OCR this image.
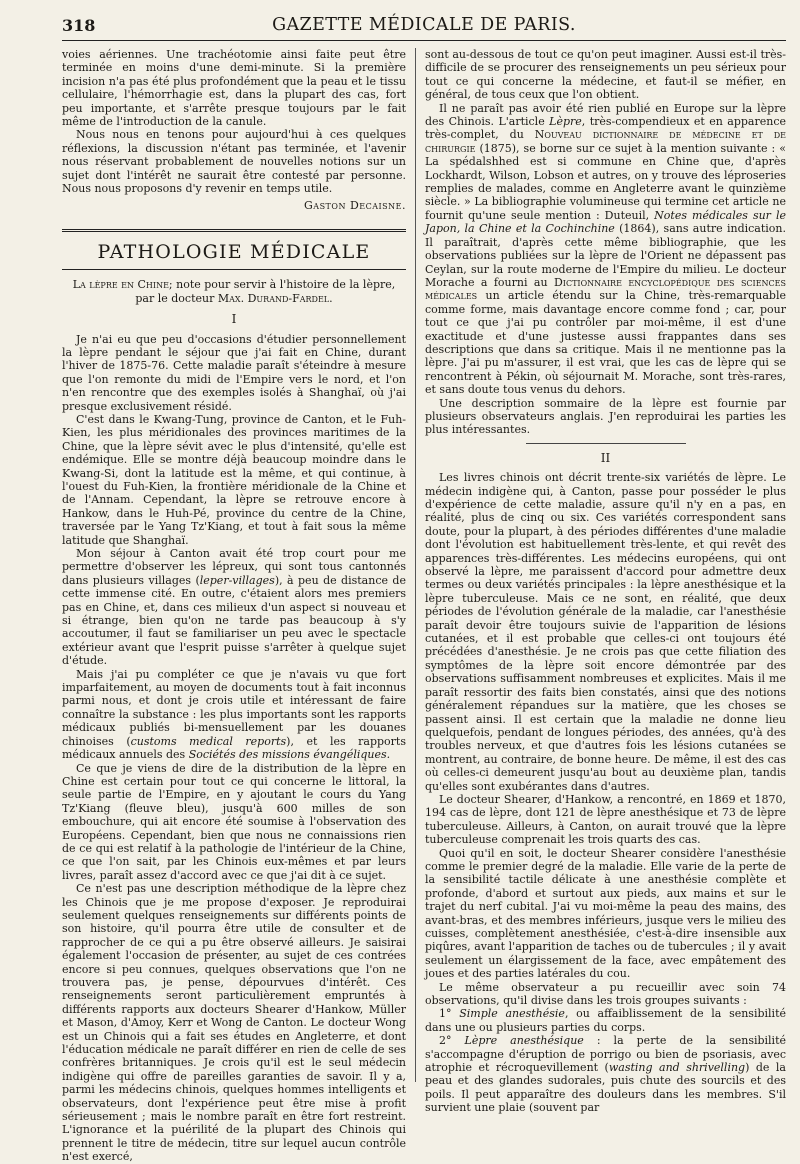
318	GAZETTE MÉDICALE DE PARIS.

voies aériennes. Une trachéotomie ainsi faite peut être terminée en moins d'une demi-minute. Si la première incision n'a pas été plus profondément que la peau et le tissu cellulaire, l'hémorrhagie est, dans la plupart des cas, fort peu importante, et s'arrête presque toujours par le fait même de l'introduction de la canule.

Nous nous en tenons pour aujourd'hui à ces quelques réflexions, la discussion n'étant pas terminée, et l'avenir nous réservant probablement de nouvelles notions sur un sujet dont l'intérêt ne saurait être contesté par personne. Nous nous proposons d'y revenir en temps utile.

Gaston Decaisne.

PATHOLOGIE MÉDICALE

La lèpre en Chine; note pour servir à l'histoire de la lèpre, par le docteur Max. Durand-Fardel.

I

Je n'ai eu que peu d'occasions d'étudier personnellement la lèpre pendant le séjour que j'ai fait en Chine, durant l'hiver de 1875-76. Cette maladie paraît s'éteindre à mesure que l'on remonte du midi de l'Empire vers le nord, et l'on n'en rencontre que des exemples isolés à Shanghaï, où j'ai presque exclusivement résidé.

C'est dans le Kwang-Tung, province de Canton, et le Fuh-Kien, les plus méridionales des provinces maritimes de la Chine, que la lèpre sévit avec le plus d'intensité, qu'elle est endémique. Elle se montre déjà beaucoup moindre dans le Kwang-Si, dont la latitude est la même, et qui continue, à l'ouest du Fuh-Kien, la frontière méridionale de la Chine et de l'Annam. Cependant, la lèpre se retrouve encore à Hankow, dans le Huh-Pé, province du centre de la Chine, traversée par le Yang Tz'Kiang, et tout à fait sous la même latitude que Shanghaï.

Mon séjour à Canton avait été trop court pour me permettre d'observer les lépreux, qui sont tous cantonnés dans plusieurs villages (leper-villages), à peu de distance de cette immense cité. En outre, c'étaient alors mes premiers pas en Chine, et, dans ces milieux d'un aspect si nouveau et si étrange, bien qu'on ne tarde pas beaucoup à s'y accoutumer, il faut se familiariser un peu avec le spectacle extérieur avant que l'esprit puisse s'arrêter à quelque sujet d'étude.

Mais j'ai pu compléter ce que je n'avais vu que fort imparfaitement, au moyen de documents tout à fait inconnus parmi nous, et dont je crois utile et intéressant de faire connaître la substance : les plus importants sont les rapports médicaux publiés bi-mensuellement par les douanes chinoises (customs medical reports), et les rapports médicaux annuels des Sociétés des missions évangéliques.

Ce que je viens de dire de la distribution de la lèpre en Chine est certain pour tout ce qui concerne le littoral, la seule partie de l'Empire, en y ajoutant le cours du Yang Tz'Kiang (fleuve bleu), jusqu'à 600 milles de son embouchure, qui ait encore été soumise à l'observation des Européens. Cependant, bien que nous ne connaissions rien de ce qui est relatif à la pathologie de l'intérieur de la Chine, ce que l'on sait, par les Chinois eux-mêmes et par leurs livres, paraît assez d'accord avec ce que j'ai dit à ce sujet.

Ce n'est pas une description méthodique de la lèpre chez les Chinois que je me propose d'exposer. Je reproduirai seulement quelques renseignements sur différents points de son histoire, qu'il pourra être utile de consulter et de rapprocher de ce qui a pu être observé ailleurs. Je saisirai également l'occasion de présenter, au sujet de ces contrées encore si peu connues, quelques observations que l'on ne trouvera pas, je pense, dépourvues d'intérêt. Ces renseignements seront particulièrement empruntés à différents rapports aux docteurs Shearer d'Hankow, Müller et Mason, d'Amoy, Kerr et Wong de Canton. Le docteur Wong est un Chinois qui a fait ses études en Angleterre, et dont l'éducation médicale ne paraît différer en rien de celle de ses confrères britanniques. Je crois qu'il est le seul médecin indigène qui offre de pareilles garanties de savoir. Il y a, parmi les médecins chinois, quelques hommes intelligents et observateurs, dont l'expérience peut être mise à profit sérieusement ; mais le nombre paraît en être fort restreint. L'ignorance et la puérilité de la plupart des Chinois qui prennent le titre de médecin, titre sur lequel aucun contrôle n'est exercé,

sont au-dessous de tout ce qu'on peut imaginer. Aussi est-il très-difficile de se procurer des renseignements un peu sérieux pour tout ce qui concerne la médecine, et faut-il se méfier, en général, de tous ceux que l'on obtient.

Il ne paraît pas avoir été rien publié en Europe sur la lèpre des Chinois. L'article Lèpre, très-compendieux et en apparence très-complet, du Nouveau dictionnaire de médecine et de chirurgie (1875), se borne sur ce sujet à la mention suivante : « La spédalshhed est si commune en Chine que, d'après Lockhardt, Wilson, Lobson et autres, on y trouve des léproseries remplies de malades, comme en Angleterre avant le quinzième siècle. » La bibliographie volumineuse qui termine cet article ne fournit qu'une seule mention : Duteuil, Notes médicales sur le Japon, la Chine et la Cochinchine (1864), sans autre indication. Il paraîtrait, d'après cette même bibliographie, que les observations publiées sur la lèpre de l'Orient ne dépassent pas Ceylan, sur la route moderne de l'Empire du milieu. Le docteur Morache a fourni au Dictionnaire encyclopédique des sciences médicales un article étendu sur la Chine, très-remarquable comme forme, mais davantage encore comme fond ; car, pour tout ce que j'ai pu contrôler par moi-même, il est d'une exactitude et d'une justesse aussi frappantes dans ses descriptions que dans sa critique. Mais il ne mentionne pas la lèpre. J'ai pu m'assurer, il est vrai, que les cas de lèpre qui se rencontrent à Pékin, où séjournait M. Morache, sont très-rares, et sans doute tous venus du dehors.

Une description sommaire de la lèpre est fournie par plusieurs observateurs anglais. J'en reproduirai les parties les plus intéressantes.

II

Les livres chinois ont décrit trente-six variétés de lèpre. Le médecin indigène qui, à Canton, passe pour posséder le plus d'expérience de cette maladie, assure qu'il n'y en a pas, en réalité, plus de cinq ou six. Ces variétés correspondent sans doute, pour la plupart, à des périodes différentes d'une maladie dont l'évolution est habituellement très-lente, et qui revêt des apparences très-différentes. Les médecins européens, qui ont observé la lèpre, me paraissent d'accord pour admettre deux termes ou deux variétés principales : la lèpre anesthésique et la lèpre tuberculeuse. Mais ce ne sont, en réalité, que deux périodes de l'évolution générale de la maladie, car l'anesthésie paraît devoir être toujours suivie de l'apparition de lésions cutanées, et il est probable que celles-ci ont toujours été précédées d'anesthésie. Je ne crois pas que cette filiation des symptômes de la lèpre soit encore démontrée par des observations suffisamment nombreuses et explicites. Mais il me paraît ressortir des faits bien constatés, ainsi que des notions généralement répandues sur la matière, que les choses se passent ainsi. Il est certain que la maladie ne donne lieu quelquefois, pendant de longues périodes, des années, qu'à des troubles nerveux, et que d'autres fois les lésions cutanées se montrent, au contraire, de bonne heure. De même, il est des cas où celles-ci demeurent jusqu'au bout au deuxième plan, tandis qu'elles sont exubérantes dans d'autres.

Le docteur Shearer, d'Hankow, a rencontré, en 1869 et 1870, 194 cas de lèpre, dont 121 de lèpre anesthésique et 73 de lèpre tuberculeuse. Ailleurs, à Canton, on aurait trouvé que la lèpre tuberculeuse comprenait les trois quarts des cas.

Quoi qu'il en soit, le docteur Shearer considère l'anesthésie comme le premier degré de la maladie. Elle varie de la perte de la sensibilité tactile délicate à une anesthésie complète et profonde, d'abord et surtout aux pieds, aux mains et sur le trajet du nerf cubital. J'ai vu moi-même la peau des mains, des avant-bras, et des membres inférieurs, jusque vers le milieu des cuisses, complètement anesthésiée, c'est-à-dire insensible aux piqûres, avant l'apparition de taches ou de tubercules ; il y avait seulement un élargissement de la face, avec empâtement des joues et des parties latérales du cou.

Le même observateur a pu recueillir avec soin 74 observations, qu'il divise dans les trois groupes suivants :

1° Simple anesthésie, ou affaiblissement de la sensibilité dans une ou plusieurs parties du corps.

2° Lèpre anesthésique : la perte de la sensibilité s'accompagne d'éruption de porrigo ou bien de psoriasis, avec atrophie et récroquevillement (wasting and shrivelling) de la peau et des glandes sudorales, puis chute des sourcils et des poils. Il peut apparaître des douleurs dans les membres. S'il survient une plaie (souvent par
